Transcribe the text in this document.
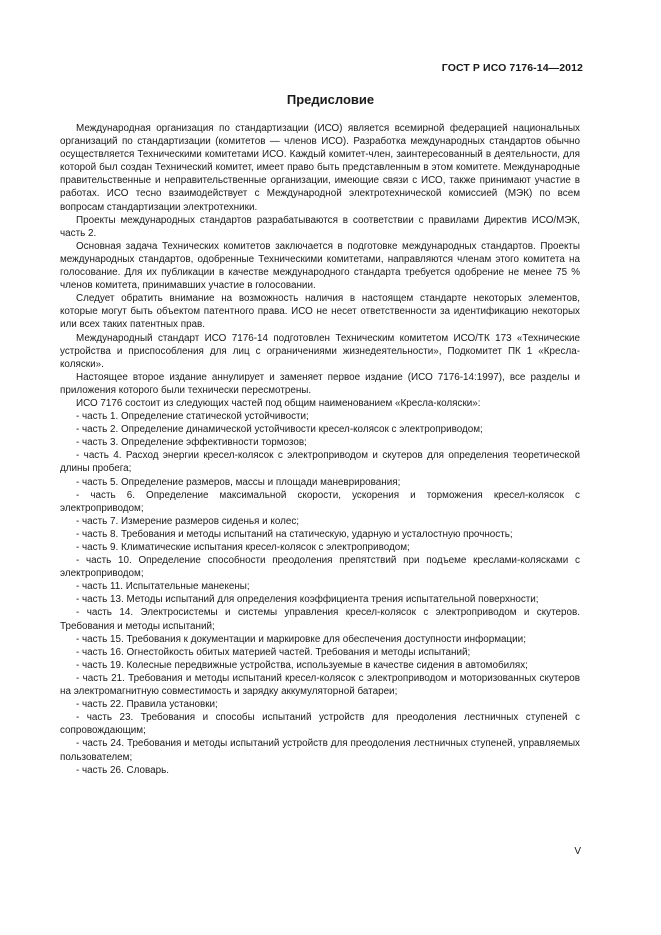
ГОСТ Р ИСО 7176-14—2012
Предисловие

Международная организация по стандартизации (ИСО) является всемирной федерацией национальных организаций по стандартизации (комитетов — членов ИСО). Разработка международных стандартов обычно осуществляется Техническими комитетами ИСО. Каждый комитет-член, заинтересованный в деятельности, для которой был создан Технический комитет, имеет право быть представленным в этом комитете. Международные правительственные и неправительственные организации, имеющие связи с ИСО, также принимают участие в работах. ИСО тесно взаимодействует с Международной электротехнической комиссией (МЭК) по всем вопросам стандартизации электротехники.

Проекты международных стандартов разрабатываются в соответствии с правилами Директив ИСО/МЭК, часть 2.

Основная задача Технических комитетов заключается в подготовке международных стандартов. Проекты международных стандартов, одобренные Техническими комитетами, направляются членам этого комитета на голосование. Для их публикации в качестве международного стандарта требуется одобрение не менее 75 % членов комитета, принимавших участие в голосовании.

Следует обратить внимание на возможность наличия в настоящем стандарте некоторых элементов, которые могут быть объектом патентного права. ИСО не несет ответственности за идентификацию некоторых или всех таких патентных прав.

Международный стандарт ИСО 7176-14 подготовлен Техническим комитетом ИСО/ТК 173 «Технические устройства и приспособления для лиц с ограничениями жизнедеятельности», Подкомитет ПК 1 «Кресла-коляски».

Настоящее второе издание аннулирует и заменяет первое издание (ИСО 7176-14:1997), все разделы и приложения которого были технически пересмотрены.

ИСО 7176 состоит из следующих частей под общим наименованием «Кресла-коляски»:

- часть 1. Определение статической устойчивости;

- часть 2. Определение динамической устойчивости кресел-колясок с электроприводом;

- часть 3. Определение эффективности тормозов;

- часть 4. Расход энергии кресел-колясок с электроприводом и скутеров для определения теоретической длины пробега;

- часть 5. Определение размеров, массы и площади маневрирования;

- часть 6. Определение максимальной скорости, ускорения и торможения кресел-колясок с электроприводом;

- часть 7. Измерение размеров сиденья и колес;

- часть 8. Требования и методы испытаний на статическую, ударную и усталостную прочность;

- часть 9. Климатические испытания кресел-колясок с электроприводом;

- часть 10. Определение способности преодоления препятствий при подъеме креслами-колясками с электроприводом;

- часть 11. Испытательные манекены;

- часть 13. Методы испытаний для определения коэффициента трения испытательной поверхности;

- часть 14. Электросистемы и системы управления кресел-колясок с электроприводом и скутеров. Требования и методы испытаний;

- часть 15. Требования к документации и маркировке для обеспечения доступности информации;

- часть 16. Огнестойкость обитых материей частей. Требования и методы испытаний;

- часть 19. Колесные передвижные устройства, используемые в качестве сидения в автомобилях;

- часть 21. Требования и методы испытаний кресел-колясок с электроприводом и моторизованных скутеров на электромагнитную совместимость и зарядку аккумуляторной батареи;

- часть 22. Правила установки;

- часть 23. Требования и способы испытаний устройств для преодоления лестничных ступеней с сопровождающим;

- часть 24. Требования и методы испытаний устройств для преодоления лестничных ступеней, управляемых пользователем;

- часть 26. Словарь.

V
